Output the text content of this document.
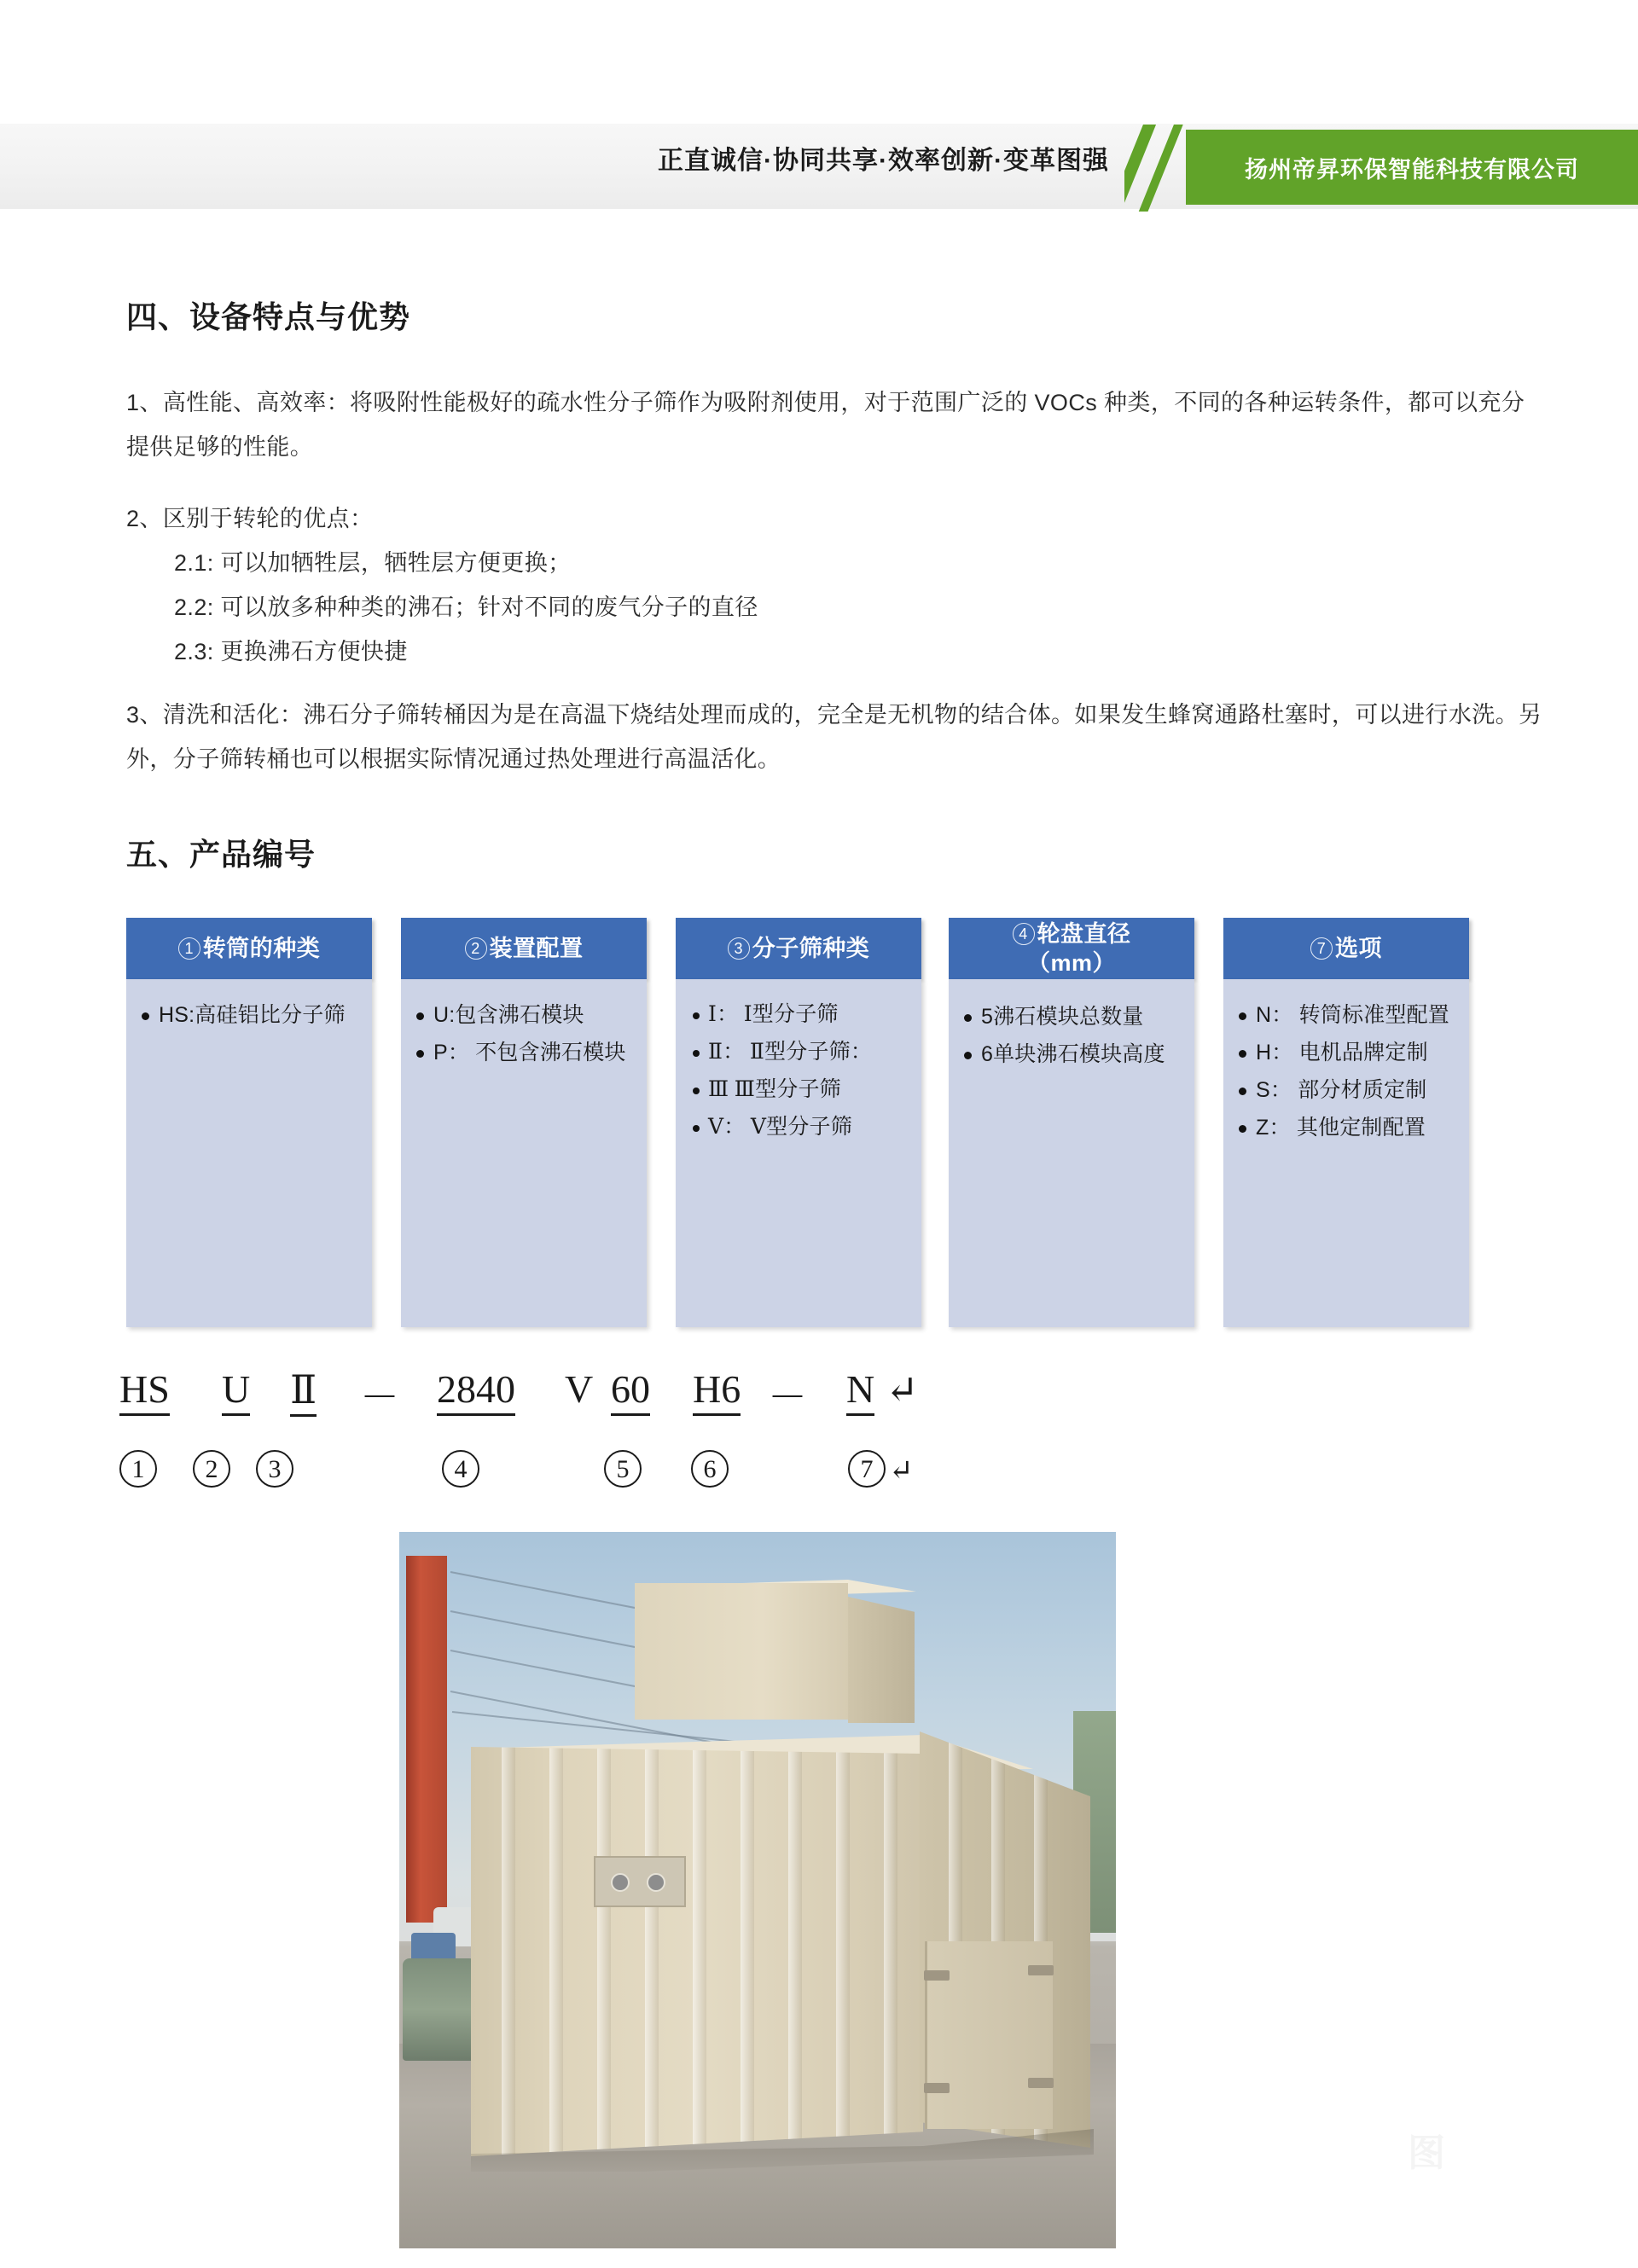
正直诚信·协同共享·效率创新·变革图强	扬州帝昇环保智能科技有限公司
四、设备特点与优势
1、高性能、高效率：将吸附性能极好的疏水性分子筛作为吸附剂使用，对于范围广泛的 VOCs 种类，不同的各种运转条件，都可以充分提供足够的性能。
2、区别于转轮的优点：
2.1: 可以加牺牲层，牺牲层方便更换；
2.2: 可以放多种种类的沸石；针对不同的废气分子的直径
2.3: 更换沸石方便快捷
3、清洗和活化：沸石分子筛转桶因为是在高温下烧结处理而成的，完全是无机物的结合体。如果发生蜂窝通路杜塞时，可以进行水洗。另外，分子筛转桶也可以根据实际情况通过热处理进行高温活化。
五、产品编号
1 转筒的种类
HS:高硅铝比分子筛
2 装置配置
U:包含沸石模块
P： 不包含沸石模块
3 分子筛种类
Ⅰ： Ⅰ型分子筛
Ⅱ： Ⅱ型分子筛：
Ⅲ Ⅲ型分子筛
Ⅴ： Ⅴ型分子筛
4 轮盘直径
（mm）
5沸石模块总数量
6单块沸石模块高度
7 选项
N： 转筒标准型配置
H： 电机品牌定制
S： 部分材质定制
Z： 其他定制配置
HS U Ⅱ － 2840 V 60 H6 － N ↵
1	2	3	4	5	6	7 ↵
图
